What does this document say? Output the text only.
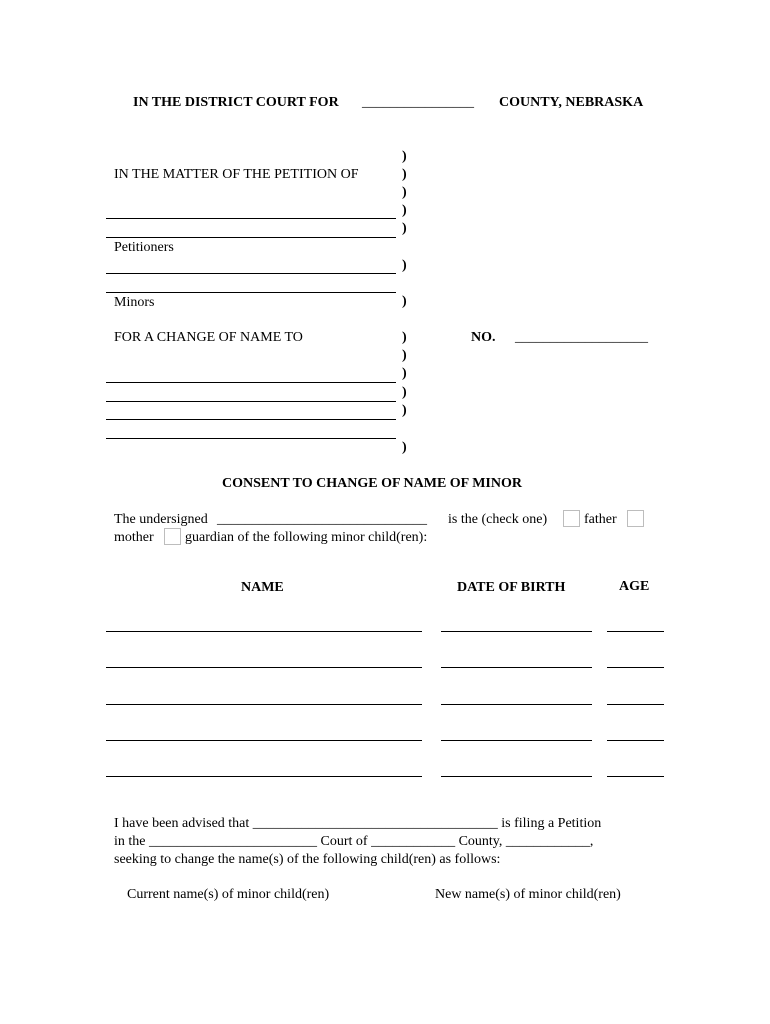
IN THE DISTRICT COURT FOR ________________ COUNTY, NEBRASKA
)
)
)
)
)
)
)
)
)
)
)
)
)
IN THE MATTER OF THE PETITION OF
Petitioners
Minors
FOR A CHANGE OF NAME TO	NO. ___________________
CONSENT TO CHANGE OF NAME OF MINOR
The undersigned ______________________________ is the (check one)	father
mother guardian of the following minor child(ren):
NAME	DATE OF BIRTH	AGE
I have been advised that ___________________________________ is filing a Petition
in the ________________________ Court of ____________ County, ____________,
seeking to change the name(s) of the following child(ren) as follows:
Current name(s) of minor child(ren)	New name(s) of minor child(ren)
